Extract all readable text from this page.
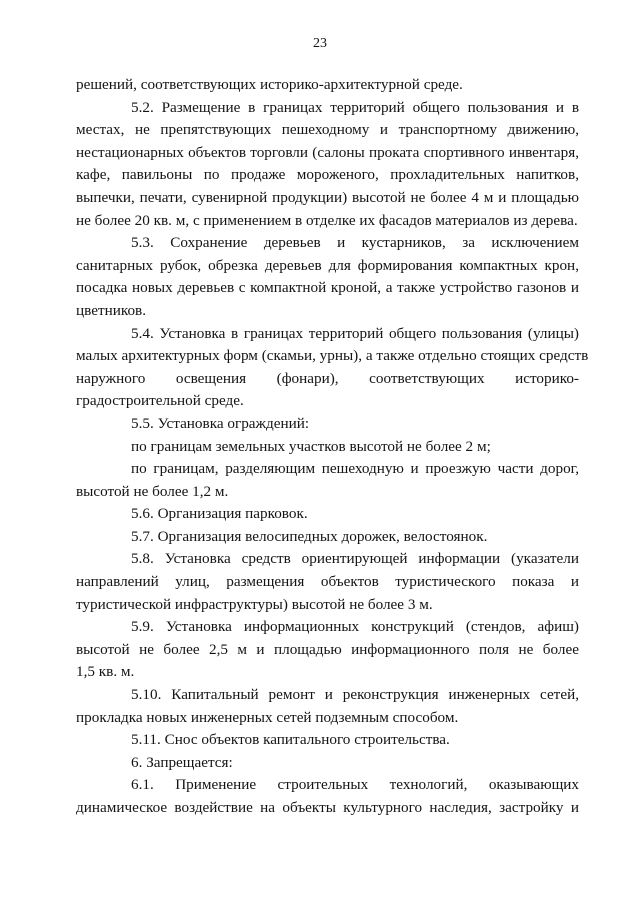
23
решений, соответствующих историко-архитектурной среде.
5.2. Размещение в границах территорий общего пользования и в
местах, не препятствующих пешеходному и транспортному движению,
нестационарных объектов торговли (салоны проката спортивного инвентаря,
кафе, павильоны по продаже мороженого, прохладительных напитков,
выпечки, печати, сувенирной продукции) высотой не более 4 м и площадью
не более 20 кв. м, с применением в отделке их фасадов материалов из дерева.
5.3. Сохранение деревьев и кустарников, за исключением
санитарных рубок, обрезка деревьев для формирования компактных крон,
посадка новых деревьев с компактной кроной, а также устройство газонов и
цветников.
5.4. Установка в границах территорий общего пользования (улицы)
малых архитектурных форм (скамьи, урны), а также отдельно стоящих средств
наружного освещения (фонари), соответствующих историко-
градостроительной среде.
5.5. Установка ограждений:
по границам земельных участков высотой не более 2 м;
по границам, разделяющим пешеходную и проезжую части дорог,
высотой не более 1,2 м.
5.6. Организация парковок.
5.7. Организация велосипедных дорожек, велостоянок.
5.8. Установка средств ориентирующей информации (указатели
направлений улиц, размещения объектов туристического показа и
туристической инфраструктуры) высотой не более 3 м.
5.9. Установка информационных конструкций (стендов, афиш)
высотой не более 2,5 м и площадью информационного поля не более
1,5 кв. м.
5.10. Капитальный ремонт и реконструкция инженерных сетей,
прокладка новых инженерных сетей подземным способом.
5.11. Снос объектов капитального строительства.
6. Запрещается:
6.1. Применение строительных технологий, оказывающих
динамическое воздействие на объекты культурного наследия, застройку и
